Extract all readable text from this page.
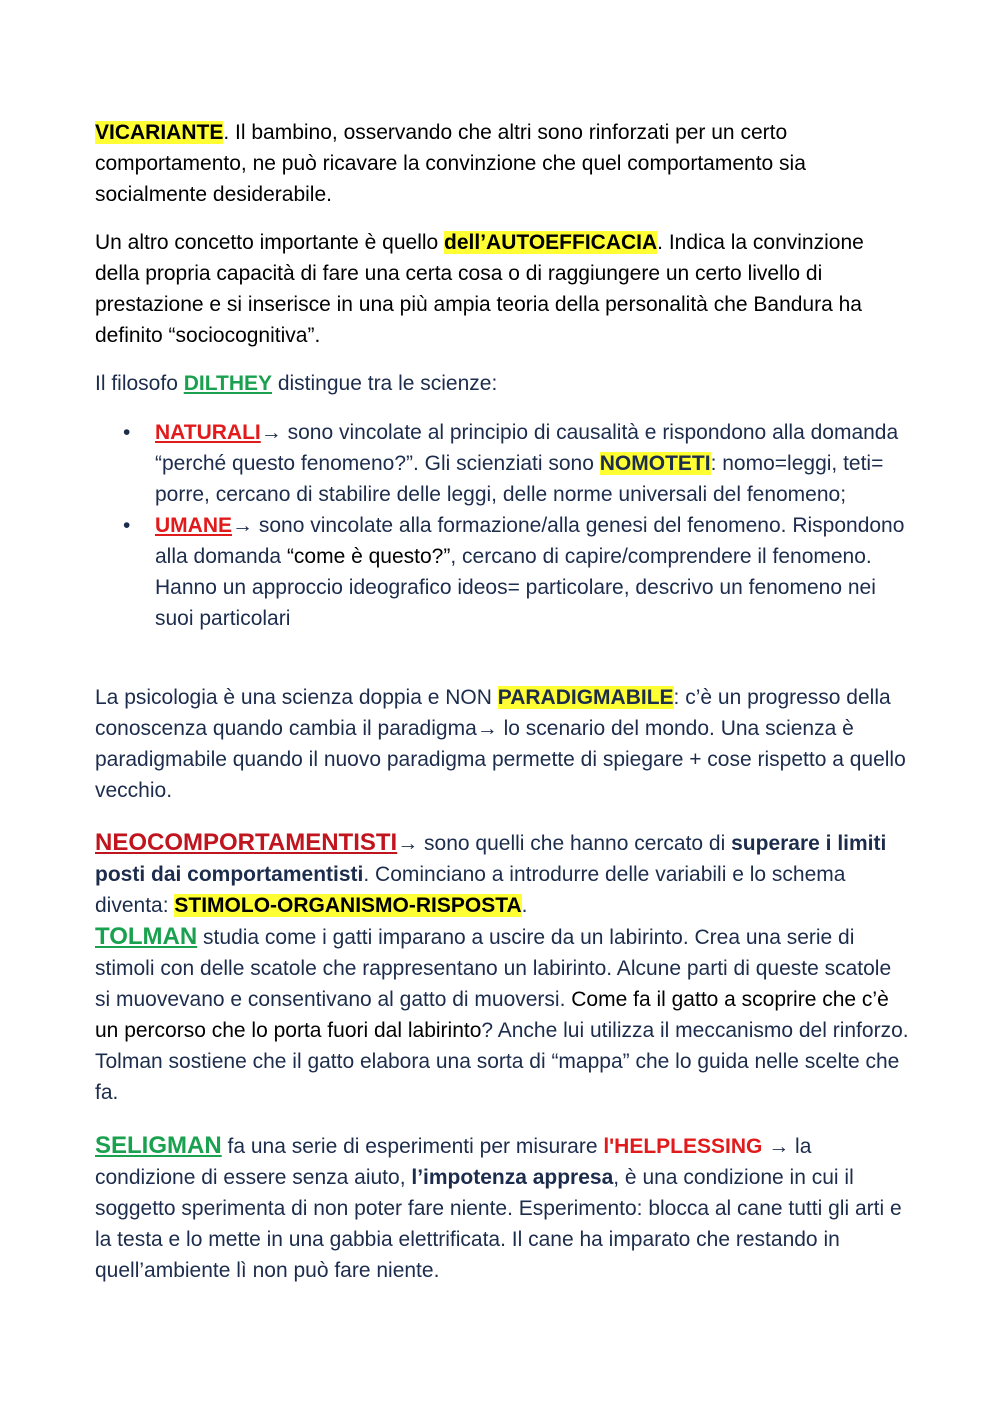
VICARIANTE. Il bambino, osservando che altri sono rinforzati per un certo comportamento, ne può ricavare la convinzione che quel comportamento sia socialmente desiderabile.

Un altro concetto importante è quello dell’AUTOEFFICACIA. Indica la convinzione della propria capacità di fare una certa cosa o di raggiungere un certo livello di prestazione e si inserisce in una più ampia teoria della personalità che Bandura ha definito “sociocognitiva”.

Il filosofo DILTHEY distingue tra le scienze:

• NATURALI→ sono vincolate al principio di causalità e rispondono alla domanda “perché questo fenomeno?”. Gli scienziati sono NOMOTETI: nomo=leggi, teti= porre, cercano di stabilire delle leggi, delle norme universali del fenomeno;
• UMANE→ sono vincolate alla formazione/alla genesi del fenomeno. Rispondono alla domanda “come è questo?”, cercano di capire/comprendere il fenomeno. Hanno un approccio ideografico ideos= particolare, descrivo un fenomeno nei suoi particolari

La psicologia è una scienza doppia e NON PARADIGMABILE: c’è un progresso della conoscenza quando cambia il paradigma→ lo scenario del mondo. Una scienza è paradigmabile quando il nuovo paradigma permette di spiegare + cose rispetto a quello vecchio.

NEOCOMPORTAMENTISTI→ sono quelli che hanno cercato di superare i limiti posti dai comportamentisti. Cominciano a introdurre delle variabili e lo schema diventa: STIMOLO-ORGANISMO-RISPOSTA.
TOLMAN studia come i gatti imparano a uscire da un labirinto. Crea una serie di stimoli con delle scatole che rappresentano un labirinto. Alcune parti di queste scatole si muovevano e consentivano al gatto di muoversi. Come fa il gatto a scoprire che c’è un percorso che lo porta fuori dal labirinto? Anche lui utilizza il meccanismo del rinforzo. Tolman sostiene che il gatto elabora una sorta di “mappa” che lo guida nelle scelte che fa.

SELIGMAN fa una serie di esperimenti per misurare l'HELPLESSING → la condizione di essere senza aiuto, l’impotenza appresa, è una condizione in cui il soggetto sperimenta di non poter fare niente. Esperimento: blocca al cane tutti gli arti e la testa e lo mette in una gabbia elettrificata. Il cane ha imparato che restando in quell’ambiente lì non può fare niente.
